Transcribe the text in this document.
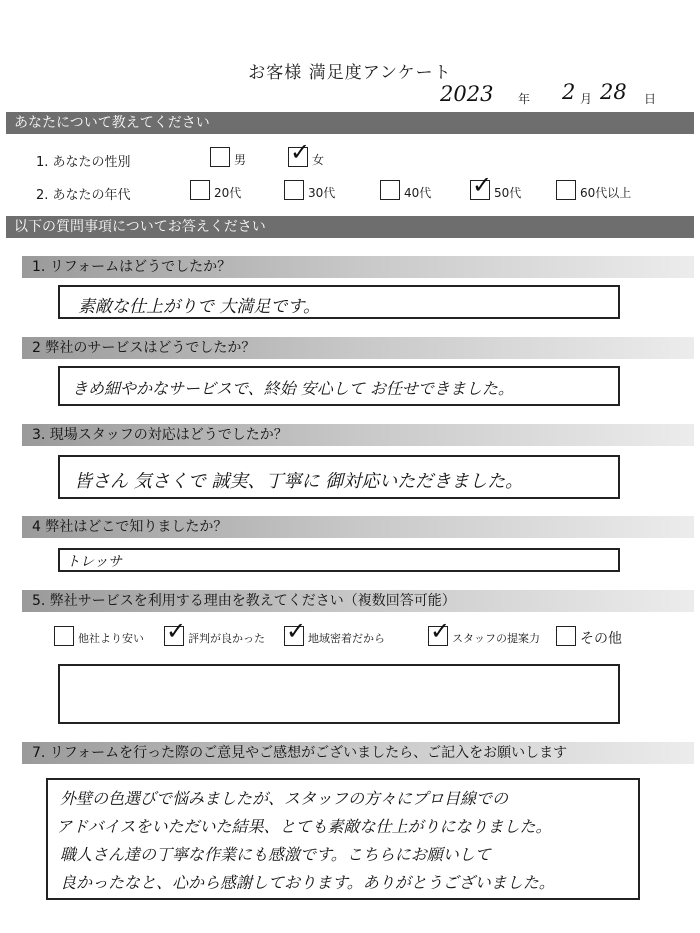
お客様 満足度アンケート
2023 年 2 月 28 日
あなたについて教えてください
1. あなたの性別	男 ✓ 女
2. あなたの年代	20代	30代	40代 ✓ 50代	60代以上
以下の質問事項についてお答えください
1. リフォームはどうでしたか？
素敵な仕上がりで 大満足です。
2 弊社のサービスはどうでしたか？
きめ細やかなサービスで、終始 安心して お任せできました。
3. 現場スタッフの対応はどうでしたか？
皆さん 気さくで 誠実、丁寧に 御対応いただきました。
4 弊社はどこで知りましたか？
トレッサ
5. 弊社サービスを利用する理由を教えてください（複数回答可能）
他社より安い ✓ 評判が良かった ✓ 地域密着だから ✓ スタッフの提案力	その他
7. リフォームを行った際のご意見やご感想がございましたら、ご記入をお願いします
外壁の色選びで悩みましたが、スタッフの方々にプロ目線での
アドバイスをいただいた結果、とても素敵な仕上がりになりました。
職人さん達の丁寧な作業にも感激です。こちらにお願いして
良かったなと、心から感謝しております。ありがとうございました。
